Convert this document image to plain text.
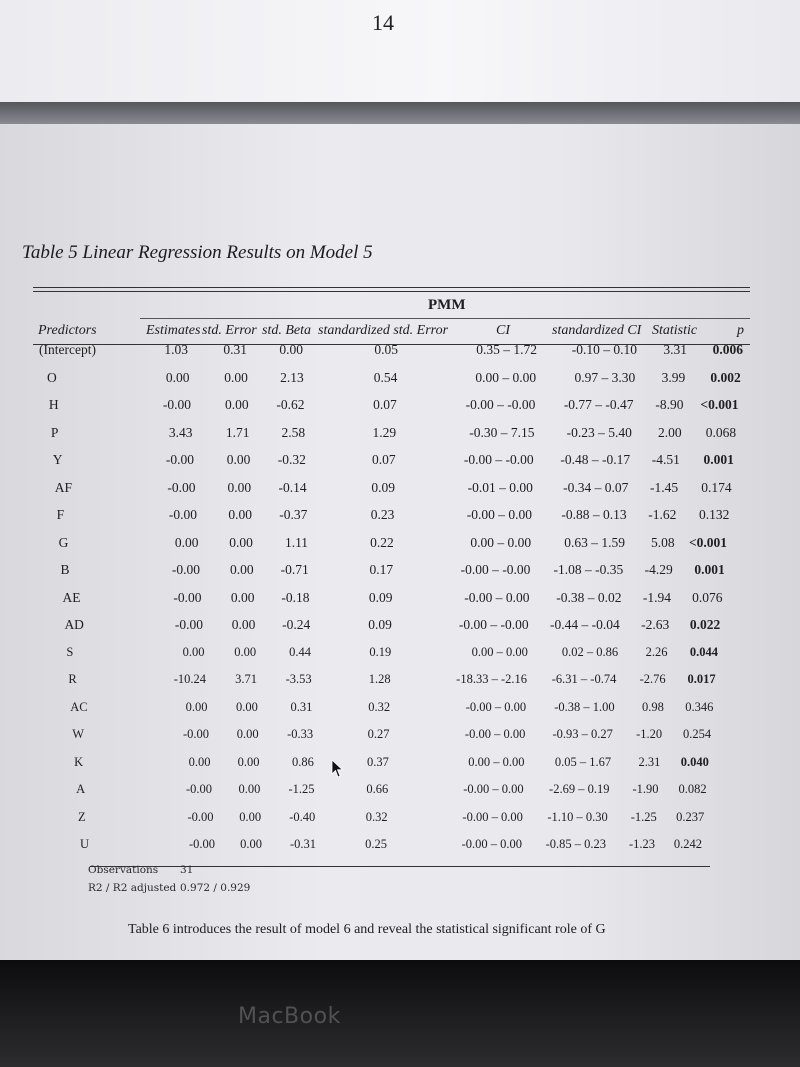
14
Table 5 Linear Regression Results on Model 5
PMM
Predictors	Estimates std. Error std. Beta standardized std. Error	CI	standardized CI Statistic	p
(Intercept)	1.03	0.31 0.00	0.05	0.35 – 1.72	-0.10 – 0.10 3.31 0.006
O	0.00	0.00 2.13	0.54	0.00 – 0.00	0.97 – 3.30 3.99 0.002
H	-0.00	0.00 -0.62	0.07	-0.00 – -0.00 -0.77 – -0.47 -8.90 <0.001
P	3.43 1.71 2.58	1.29	-0.30 – 7.15 -0.23 – 5.40 2.00 0.068
Y	-0.00 0.00 -0.32	0.07	-0.00 – -0.00 -0.48 – -0.17 -4.51 0.001
AF	-0.00 0.00 -0.14	0.09	-0.01 – 0.00 -0.34 – 0.07 -1.45 0.174
F	-0.00 0.00 -0.37	0.23	-0.00 – 0.00 -0.88 – 0.13 -1.62 0.132
G	0.00 0.00 1.11	0.22	0.00 – 0.00 0.63 – 1.59 5.08 <0.001
B	-0.00 0.00 -0.71	0.17	-0.00 – -0.00 -1.08 – -0.35 -4.29 0.001
AE	-0.00 0.00 -0.18	0.09	-0.00 – 0.00 -0.38 – 0.02 -1.94 0.076
AD	-0.00 0.00 -0.24	0.09	-0.00 – -0.00 -0.44 – -0.04 -2.63 0.022
S	0.00 0.00	0.44	0.19	0.00 – 0.00	0.02 – 0.86 2.26 0.044
R	-10.24 3.71 -3.53	1.28	-18.33 – -2.16 -6.31 – -0.74 -2.76 0.017
AC	0.00 0.00	0.31	0.32	-0.00 – 0.00 -0.38 – 1.00 0.98 0.346
W	-0.00 0.00 -0.33	0.27	-0.00 – 0.00 -0.93 – 0.27 -1.20 0.254
K	0.00 0.00	0.86	0.37	0.00 – 0.00 0.05 – 1.67 2.31 0.040
A	-0.00 0.00 -1.25	0.66	-0.00 – 0.00 -2.69 – 0.19 -1.90 0.082
Z	-0.00 0.00 -0.40	0.32	-0.00 – 0.00 -1.10 – 0.30 -1.25 0.237
U	-0.00 0.00 -0.31	0.25	-0.00 – 0.00 -0.85 – 0.23 -1.23 0.242
Observations 31
R2 / R2 adjusted 0.972 / 0.929
Table 6 introduces the result of model 6 and reveal the statistical significant role of G
MacBook
